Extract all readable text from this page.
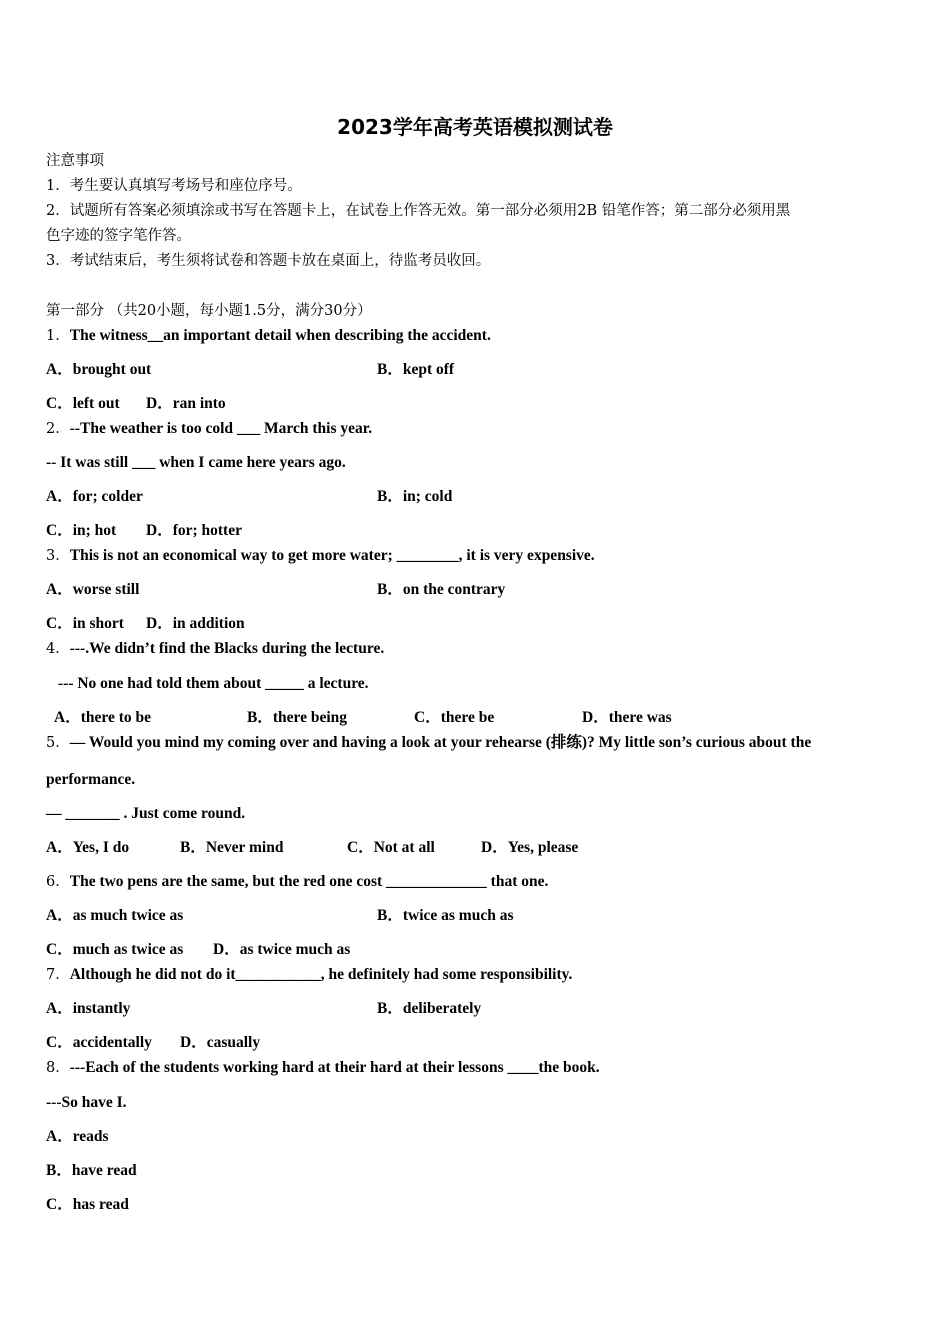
2023学年高考英语模拟测试卷
注意事项
1．考生要认真填写考场号和座位序号。
2．试题所有答案必须填涂或书写在答题卡上，在试卷上作答无效。第一部分必须用2B 铅笔作答；第二部分必须用黑
色字迹的签字笔作答。
3．考试结束后，考生须将试卷和答题卡放在桌面上，待监考员收回。
第一部分 （共20小题，每小题1.5分，满分30分）
1．The witness__an important detail when describing the accident.
A．brought out	B．kept off
C．left out D．ran into
2．--The weather is too cold ___ March this year.
-- It was still ___ when I came here years ago.
A．for; colder	B．in; cold
C．in; hot D．for; hotter
3．This is not an economical way to get more water; ________, it is very expensive.
A．worse still	B．on the contrary
C．in short D．in addition
4．---.We didn’t find the Blacks during the lecture.
--- No one had told them about _____ a lecture.
A．there to be	B．there being	C．there be	D．there was
5．— Would you mind my coming over and having a look at your rehearse (排练)? My little son’s curious about the
performance.
— _______ . Just come round.
A．Yes, I do	B．Never mind	C．Not at all	D．Yes, please
6．The two pens are the same, but the red one cost _____________ that one.
A．as much twice as	B．twice as much as
C．much as twice as D．as twice much as
7．Although he did not do it___________, he definitely had some responsibility.
A．instantly	B．deliberately
C．accidentally D．casually
8．---Each of the students working hard at their hard at their lessons ____the book.
---So have I.
A．reads
B．have read
C．has read
